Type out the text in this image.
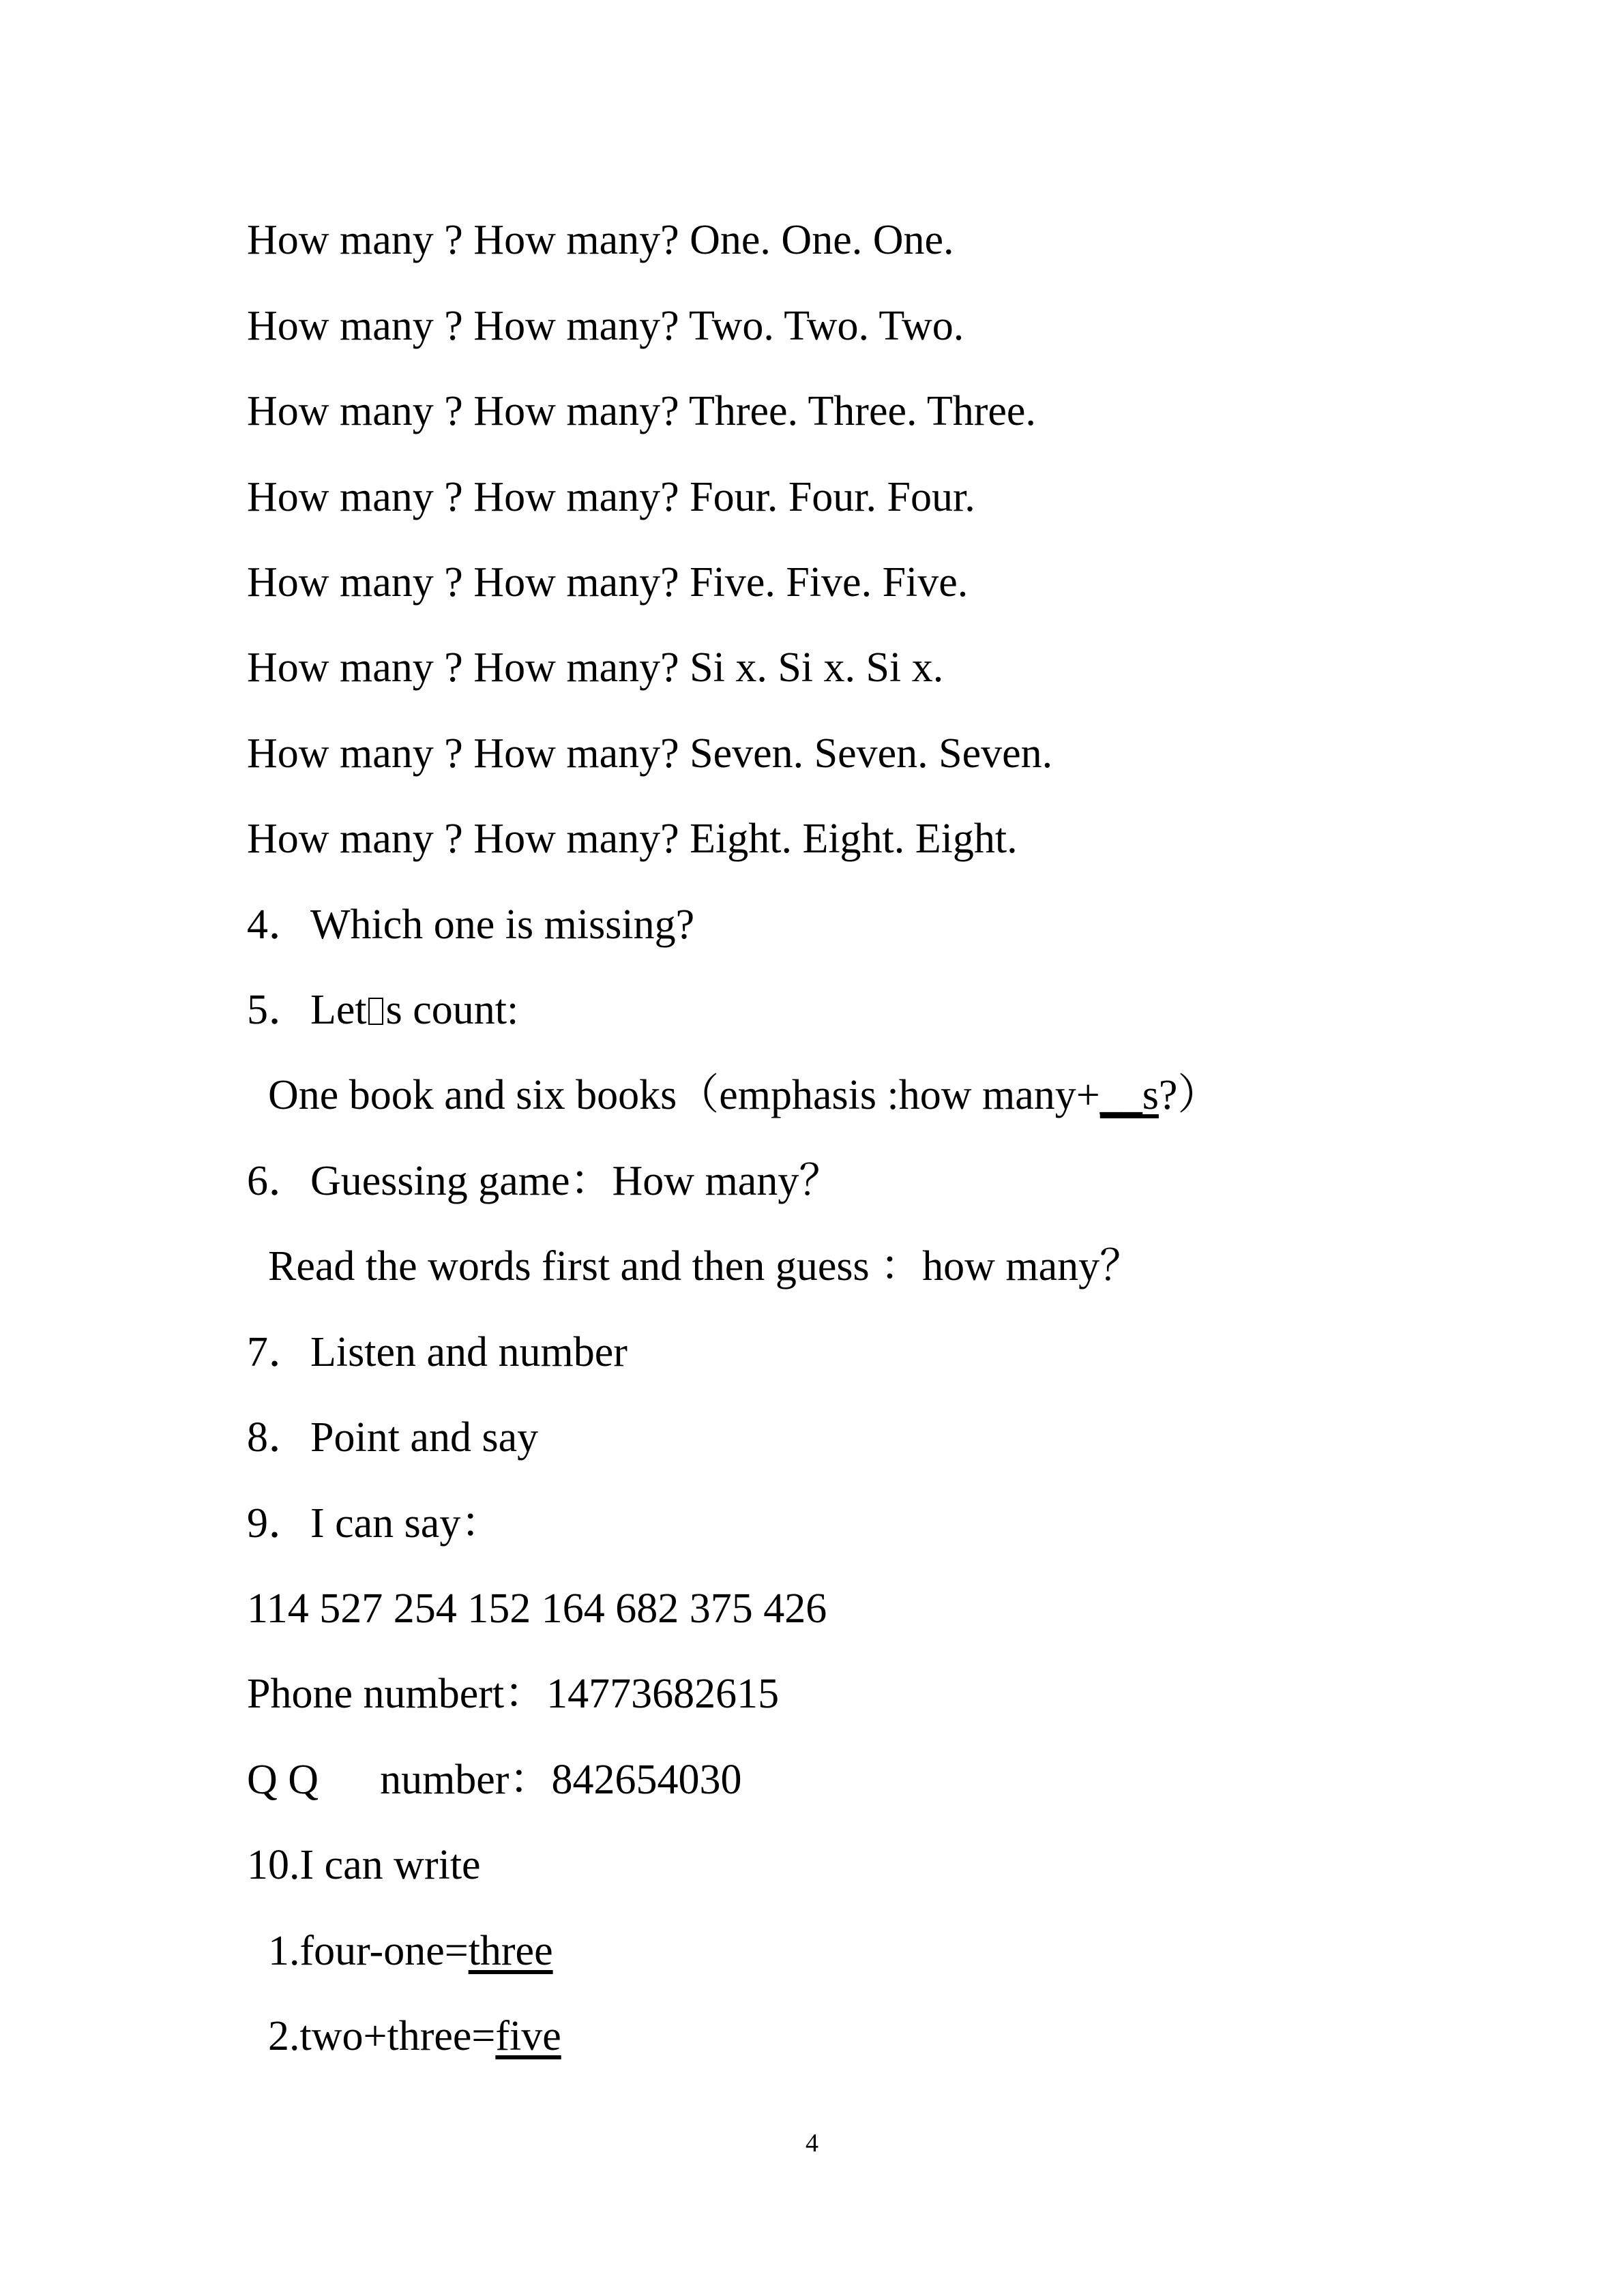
How many ? How many? One. One. One.
How many ? How many? Two. Two. Two.
How many ? How many? Three. Three. Three.
How many ? How many? Four. Four. Four.
How many ? How many? Five. Five. Five.
How many ? How many? Si x. Si x. Si x.
How many ? How many? Seven. Seven. Seven.
How many ? How many? Eight. Eight. Eight.
4．Which one is missing?
5．Let s count:
One book and six books（emphasis :how many+__s?）
6．Guessing game：How many？
Read the words first and then guess ：how many？
7．Listen and number
8．Point and say
9．I can say：
114 527 254 152 164 682 375 426
Phone numbert：14773682615
Q Q number：842654030
10.I can write
1.four-one=three
2.two+three=five
4
